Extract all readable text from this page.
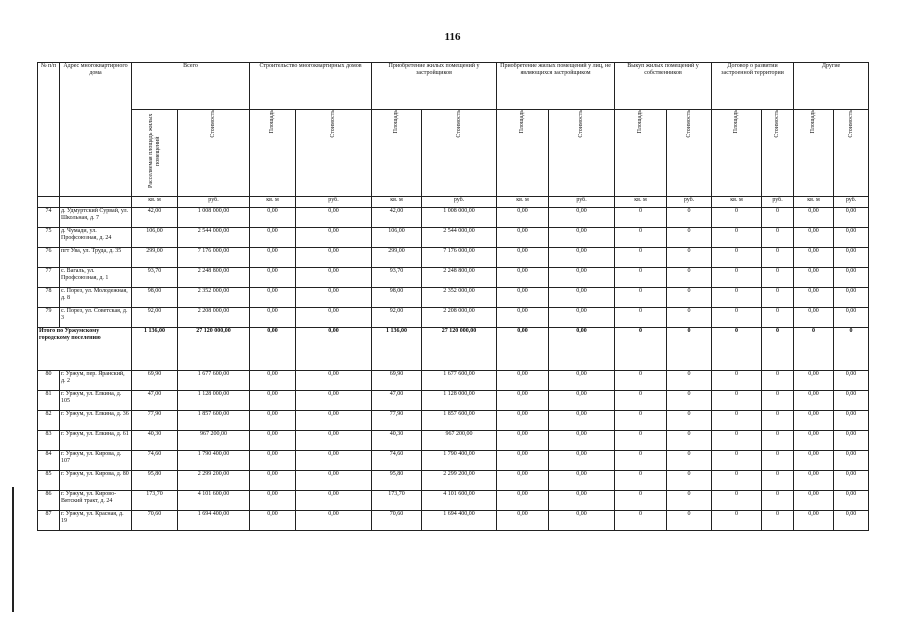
116
№ п/п	Адрес многоквартирного дома	Всего		Строительство многоквартирных домов		Приобретение жилых помещений у застройщиков		Приобретение жилых помещений у лиц, не являющихся застройщиком		Выкуп жилых помещений у собственников		Договор о развитии застроенной территории		Другие	

		Расселяемая площадь жилых помещений	Стоимость	Площадь	Стоимость	Площадь	Стоимость	Площадь	Стоимость	Площадь	Стоимость	Площадь	Стоимость	Площадь	Стоимость

		кв. м	руб.	кв. м	руб.	кв. м	руб.	кв. м	руб.	кв. м	руб.	кв. м	руб.	кв. м	руб.
74	д. Удмуртский Сурвай, ул. Школьная, д. 7	42,00	1 008 000,00	0,00	0,00	42,00	1 008 000,00	0,00	0,00	0	0	0	0	0,00	0,00
75	д. Чумади, ул. Профсоюзная, д. 24	106,00	2 544 000,00	0,00	0,00	106,00	2 544 000,00	0,00	0,00	0	0	0	0	0,00	0,00
76	пгт Ува, ул. Труда, д. 35	299,00	7 176 000,00	0,00	0,00	299,00	7 176 000,00	0,00	0,00	0	0	0	0	0,00	0,00
77	с. Вагаль, ул. Профсоюзная, д. 1	93,70	2 248 800,00	0,00	0,00	93,70	2 248 800,00	0,00	0,00	0	0	0	0	0,00	0,00
78	с. Порез, ул. Молодежная, д. 8	98,00	2 352 000,00	0,00	0,00	98,00	2 352 000,00	0,00	0,00	0	0	0	0	0,00	0,00
79	с. Порез, ул. Советская, д. 3	92,00	2 208 000,00	0,00	0,00	92,00	2 208 000,00	0,00	0,00	0	0	0	0	0,00	0,00
Итого по Уржумскому городскому поселению		1 136,00	27 120 000,00	0,00	0,00	1 136,00	27 120 000,00	0,00	0,00	0	0	0	0	0	0
80	г. Уржум, пер. Яранский, д. 2	69,90	1 677 600,00	0,00	0,00	69,90	1 677 600,00	0,00	0,00	0	0	0	0	0,00	0,00
81	г. Уржум, ул. Елкина, д. 105	47,00	1 128 000,00	0,00	0,00	47,00	1 128 000,00	0,00	0,00	0	0	0	0	0,00	0,00
82	г. Уржум, ул. Елкина, д. 36	77,90	1 857 600,00	0,00	0,00	77,90	1 857 600,00	0,00	0,00	0	0	0	0	0,00	0,00
83	г. Уржум, ул. Елкина, д. 61	40,30	967 200,00	0,00	0,00	40,30	967 200,00	0,00	0,00	0	0	0	0	0,00	0,00
84	г. Уржум, ул. Кирова, д. 107	74,60	1 790 400,00	0,00	0,00	74,60	1 790 400,00	0,00	0,00	0	0	0	0	0,00	0,00
85	г. Уржум, ул. Кирова, д. 80	95,80	2 299 200,00	0,00	0,00	95,80	2 299 200,00	0,00	0,00	0	0	0	0	0,00	0,00
86	г. Уржум, ул. Кирово-Вятский тракт, д. 24	173,70	4 101 600,00	0,00	0,00	173,70	4 101 600,00	0,00	0,00	0	0	0	0	0,00	0,00
87	г. Уржум, ул. Красная, д. 19	70,60	1 694 400,00	0,00	0,00	70,60	1 694 400,00	0,00	0,00	0	0	0	0	0,00	0,00
